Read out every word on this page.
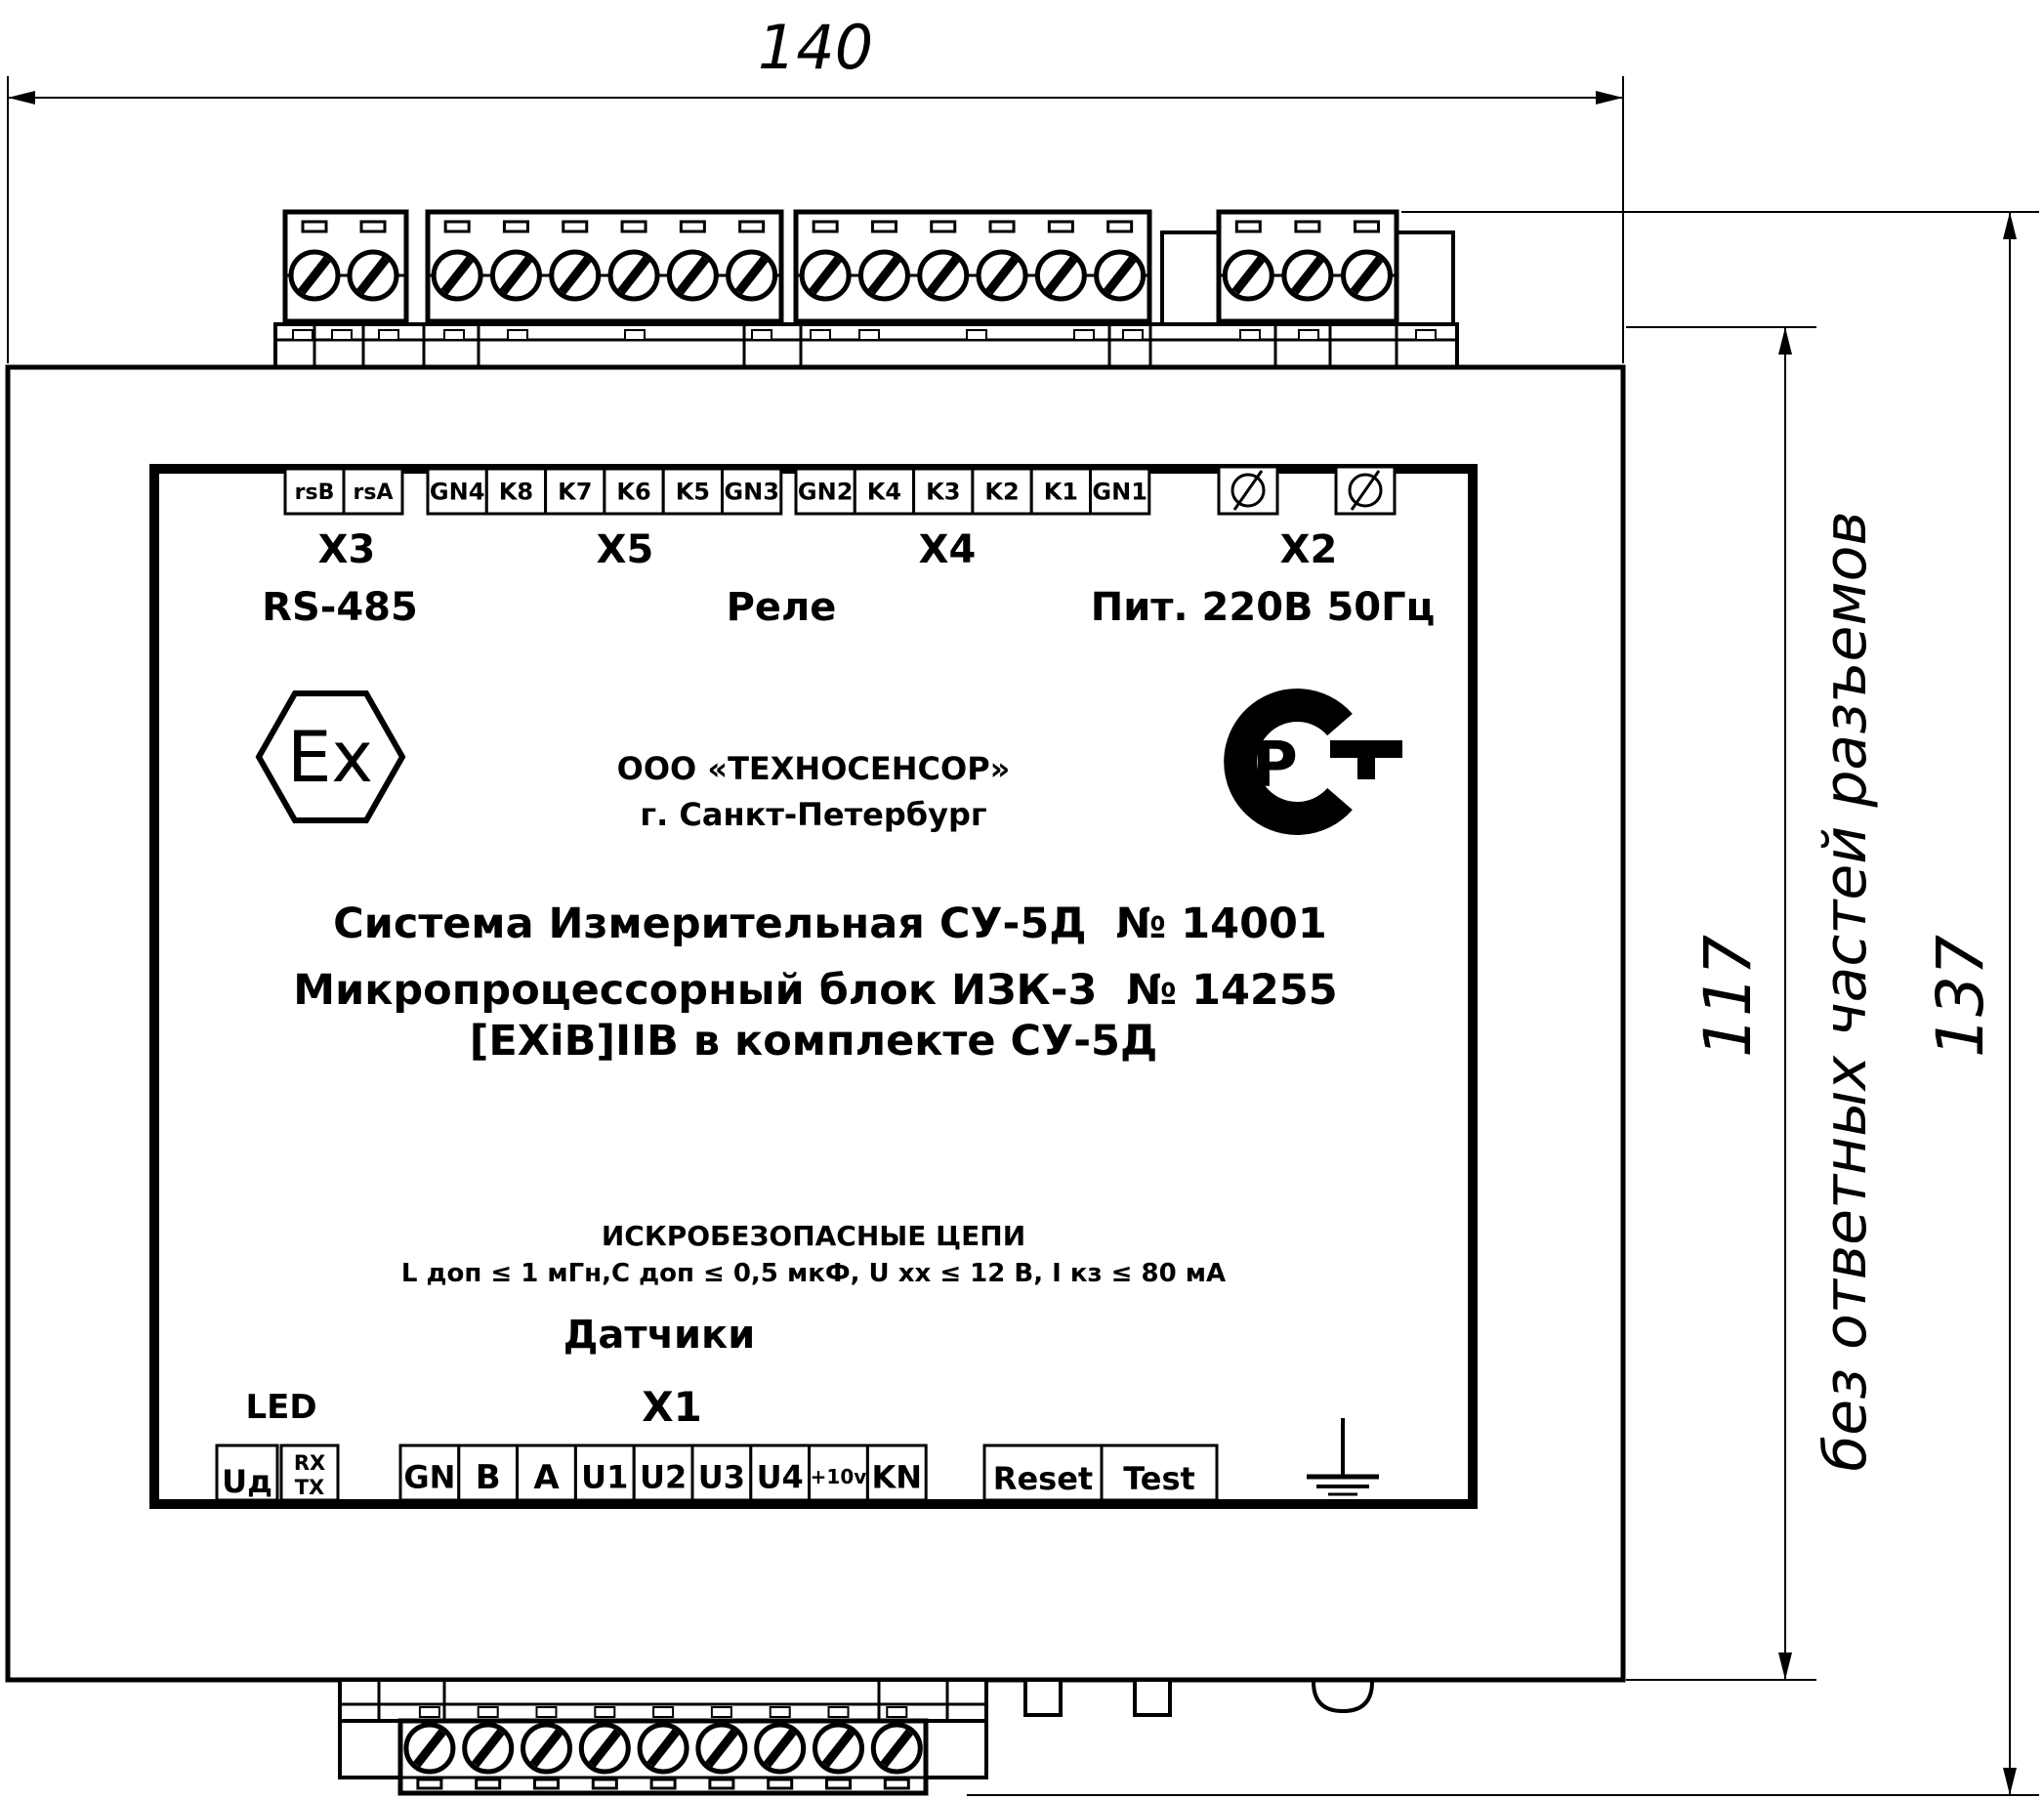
140
117 137
без ответных частей разъемов
rsB rsA GN4 K8 K7 K6 K5 GN3 GN2 K4 K3 K2 K1 GN1
X3	X5	X4	X2
RS-485	Реле	Пит. 220В 50Гц
Ex	Р
ООО «ТЕХНОСЕНСОР»
г. Санкт-Петербург
Система Измерительная СУ-5Д  № 14001
Микропроцессорный блок ИЗК-3  № 14255
[EXiB]IIB в комплекте СУ-5Д
ИСКРОБЕЗОПАСНЫЕ ЦЕПИ
L доп ≤ 1 мГн,С доп ≤ 0,5 мкФ, U хх ≤ 12 В, I кз ≤ 80 мА
Датчики
LED	X1
Uд RX
TX	GN B A U1 U2 U3 U4 +10v KN Reset Test
